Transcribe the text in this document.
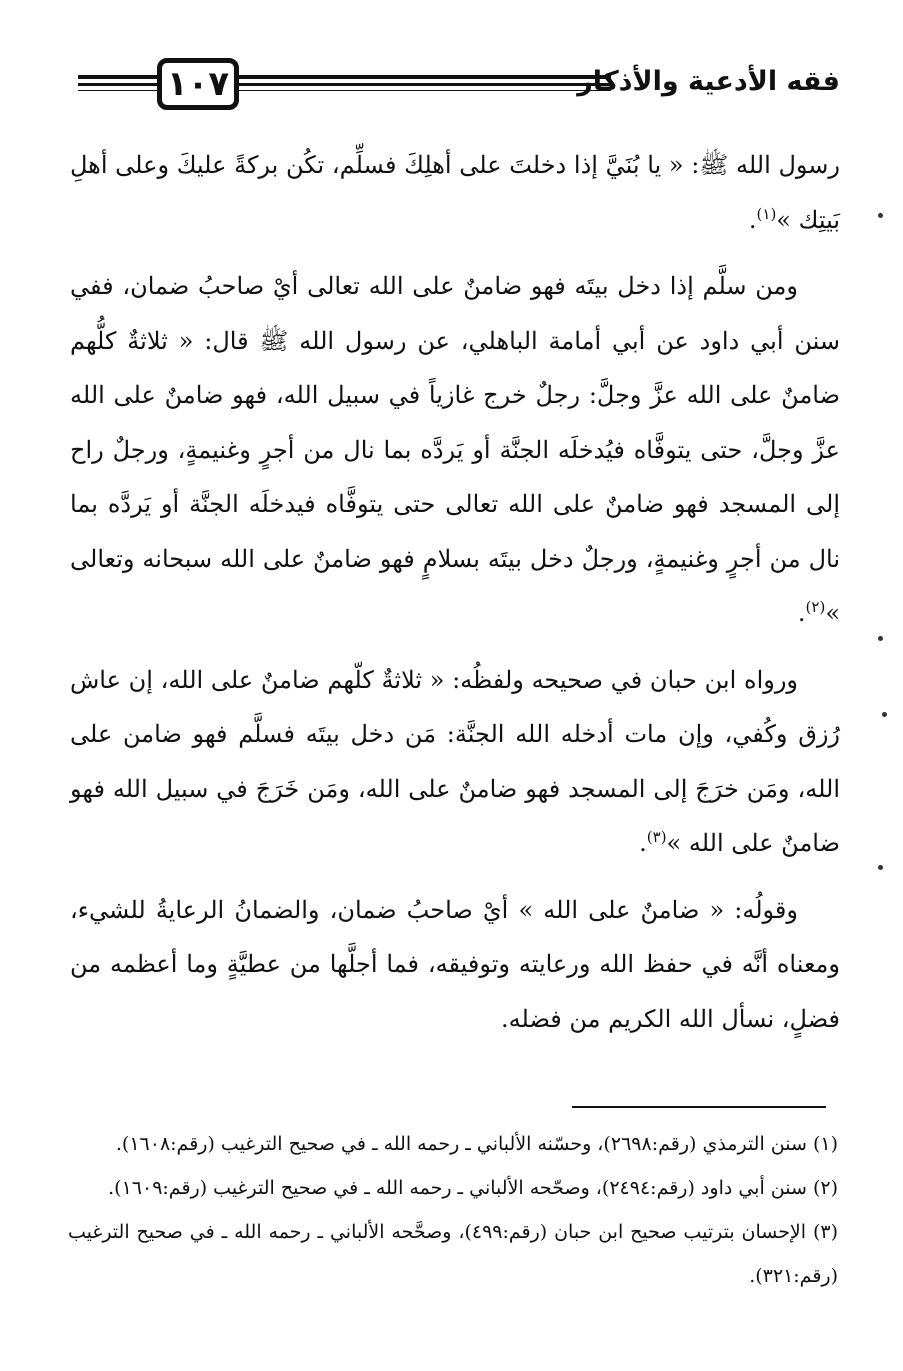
١٠٧	فقه الأدعية والأذكار

رسول الله ﷺ: « يا بُنَيَّ إذا دخلتَ على أهلِكَ فسلِّم، تكُن بركةً عليكَ وعلى أهلِ بَيتِك »$^{(١)}$.

ومن سلَّم إذا دخل بيتَه فهو ضامنٌ على الله تعالى أيْ صاحبُ ضمان، ففي سنن أبي داود عن أبي أمامة الباهلي، عن رسول الله ﷺ قال: « ثلاثةٌ كلُّهم ضامنٌ على الله عزَّ وجلَّ: رجلٌ خرج غازياً في سبيل الله، فهو ضامنٌ على الله عزَّ وجلَّ، حتى يتوفَّاه فيُدخلَه الجنَّة أو يَردَّه بما نال من أجرٍ وغنيمةٍ، ورجلٌ راح إلى المسجد فهو ضامنٌ على الله تعالى حتى يتوفَّاه فيدخلَه الجنَّة أو يَردَّه بما نال من أجرٍ وغنيمةٍ، ورجلٌ دخل بيتَه بسلامٍ فهو ضامنٌ على الله سبحانه وتعالى »$^{(٢)}$.

ورواه ابن حبان في صحيحه ولفظُه: « ثلاثةٌ كلّهم ضامنٌ على الله، إن عاش رُزق وكُفي، وإن مات أدخله الله الجنَّة: مَن دخل بيتَه فسلَّم فهو ضامن على الله، ومَن خرَجَ إلى المسجد فهو ضامنٌ على الله، ومَن خَرَجَ في سبيل الله فهو ضامنٌ على الله »$^{(٣)}$.

وقولُه: « ضامنٌ على الله » أيْ صاحبُ ضمان، والضمانُ الرعايةُ للشيء، ومعناه أنَّه في حفظ الله ورعايته وتوفيقه، فما أجلَّها من عطيَّةٍ وما أعظمه من فضلٍ، نسأل الله الكريم من فضله.

(١) سنن الترمذي (رقم:٢٦٩٨)، وحسّنه الألباني ـ رحمه الله ـ في صحيح الترغيب (رقم:١٦٠٨).

(٢) سنن أبي داود (رقم:٢٤٩٤)، وصحّحه الألباني ـ رحمه الله ـ في صحيح الترغيب (رقم:١٦٠٩).

(٣) الإحسان بترتيب صحيح ابن حبان (رقم:٤٩٩)، وصحَّحه الألباني ـ رحمه الله ـ في صحيح الترغيب (رقم:٣٢١).
